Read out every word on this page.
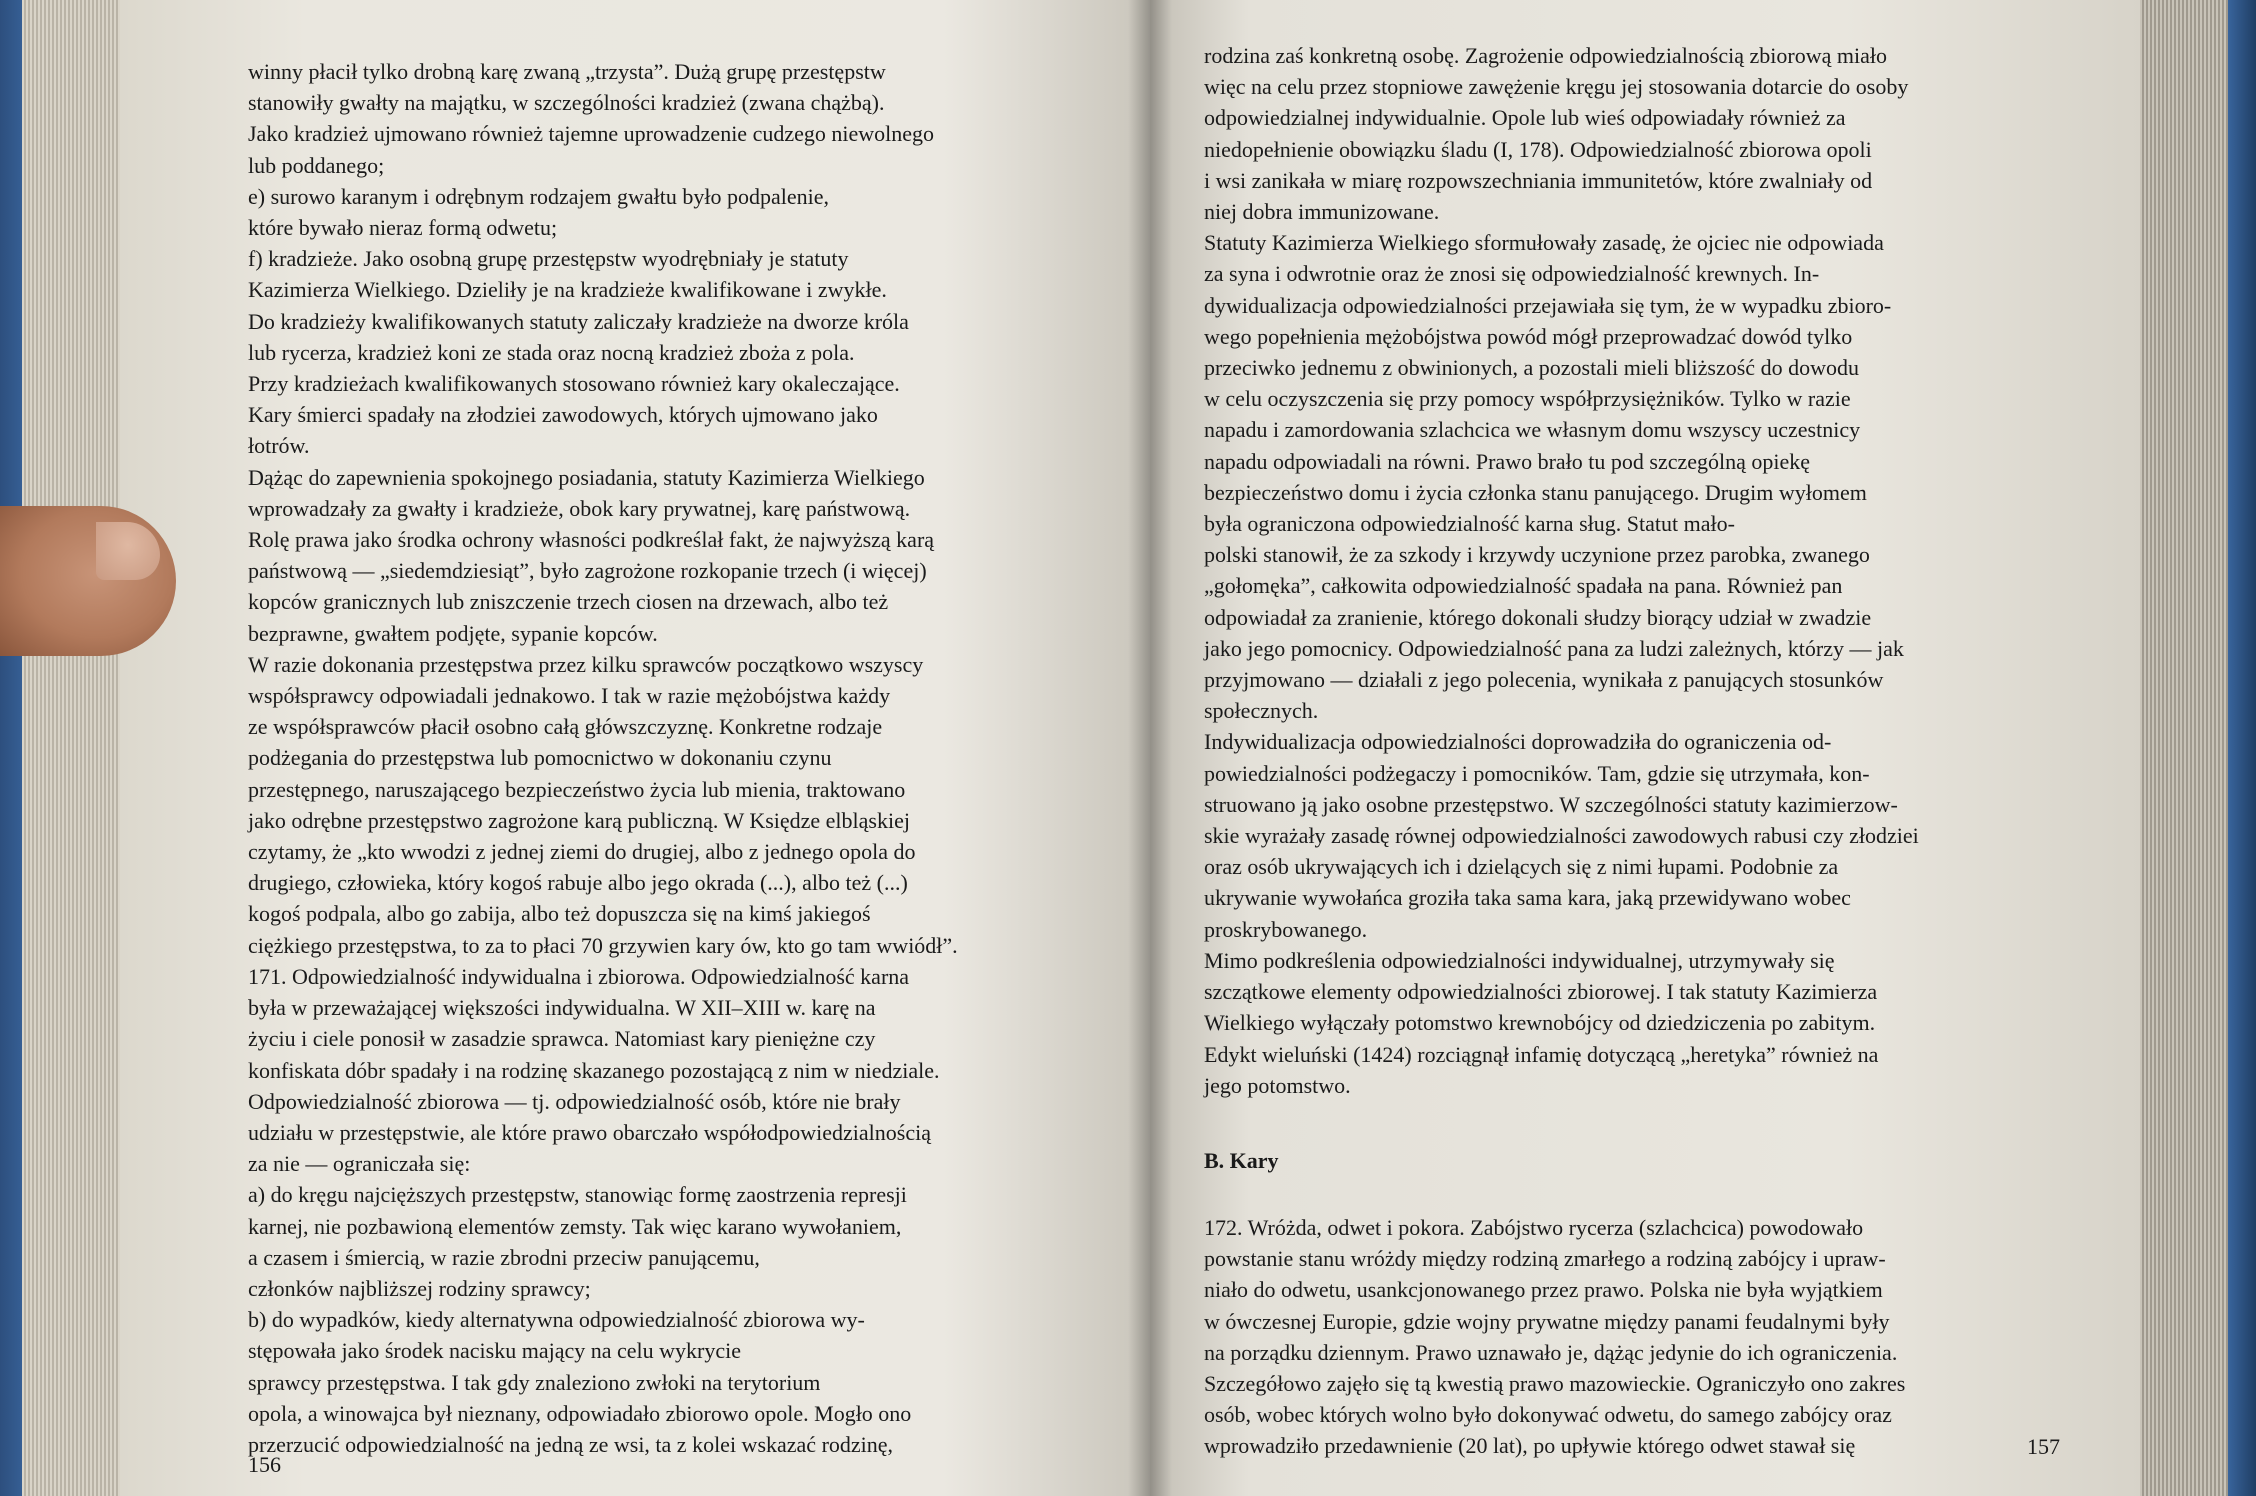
winny płacił tylko drobną karę zwaną „trzysta”. Dużą grupę przestępstw
stanowiły gwałty na majątku, w szczególności kradzież (zwana chążbą).
Jako kradzież ujmowano również tajemne uprowadzenie cudzego niewolnego
lub poddanego;

e) surowo karanym i odrębnym rodzajem gwałtu było podpalenie,
które bywało nieraz formą odwetu;

f) kradzieże. Jako osobną grupę przestępstw wyodrębniały je statuty
Kazimierza Wielkiego. Dzieliły je na kradzieże kwalifikowane i zwykłe.
Do kradzieży kwalifikowanych statuty zaliczały kradzieże na dworze króla
lub rycerza, kradzież koni ze stada oraz nocną kradzież zboża z pola.
Przy kradzieżach kwalifikowanych stosowano również kary okaleczające.
Kary śmierci spadały na złodziei zawodowych, których ujmowano jako
łotrów.

Dążąc do zapewnienia spokojnego posiadania, statuty Kazimierza Wielkiego
wprowadzały za gwałty i kradzieże, obok kary prywatnej, karę państwową.
Rolę prawa jako środka ochrony własności podkreślał fakt, że najwyższą karą
państwową — „siedemdziesiąt”, było zagrożone rozkopanie trzech (i więcej)
kopców granicznych lub zniszczenie trzech ciosen na drzewach, albo też
bezprawne, gwałtem podjęte, sypanie kopców.

W razie dokonania przestępstwa przez kilku sprawców początkowo wszyscy
współsprawcy odpowiadali jednakowo. I tak w razie mężobójstwa każdy
ze współsprawców płacił osobno całą główszczyznę. Konkretne rodzaje
podżegania do przestępstwa lub pomocnictwo w dokonaniu czynu
przestępnego, naruszającego bezpieczeństwo życia lub mienia, traktowano
jako odrębne przestępstwo zagrożone karą publiczną. W Księdze elbląskiej
czytamy, że „kto wwodzi z jednej ziemi do drugiej, albo z jednego opola do
drugiego, człowieka, który kogoś rabuje albo jego okrada (...), albo też (...)
kogoś podpala, albo go zabija, albo też dopuszcza się na kimś jakiegoś
ciężkiego przestępstwa, to za to płaci 70 grzywien kary ów, kto go tam wwiódł”.

171. Odpowiedzialność indywidualna i zbiorowa. Odpowiedzialność karna
była w przeważającej większości indywidualna. W XII–XIII w. karę na
życiu i ciele ponosił w zasadzie sprawca. Natomiast kary pieniężne czy
konfiskata dóbr spadały i na rodzinę skazanego pozostającą z nim w niedziale.
Odpowiedzialność zbiorowa — tj. odpowiedzialność osób, które nie brały
udziału w przestępstwie, ale które prawo obarczało współodpowiedzialnością
za nie — ograniczała się:

a) do kręgu najcięższych przestępstw, stanowiąc formę zaostrzenia represji
karnej, nie pozbawioną elementów zemsty. Tak więc karano wywołaniem,
a czasem i śmiercią, w razie zbrodni przeciw panującemu,
członków najbliższej rodziny sprawcy;

b) do wypadków, kiedy alternatywna odpowiedzialność zbiorowa wy-
stępowała jako środek nacisku mający na celu wykrycie
sprawcy przestępstwa. I tak gdy znaleziono zwłoki na terytorium
opola, a winowajca był nieznany, odpowiadało zbiorowo opole. Mogło ono
przerzucić odpowiedzialność na jedną ze wsi, ta z kolei wskazać rodzinę,

156

rodzina zaś konkretną osobę. Zagrożenie odpowiedzialnością zbiorową miało
więc na celu przez stopniowe zawężenie kręgu jej stosowania dotarcie do osoby
odpowiedzialnej indywidualnie. Opole lub wieś odpowiadały również za
niedopełnienie obowiązku śladu (I, 178). Odpowiedzialność zbiorowa opoli
i wsi zanikała w miarę rozpowszechniania immunitetów, które zwalniały od
niej dobra immunizowane.

Statuty Kazimierza Wielkiego sformułowały zasadę, że ojciec nie odpowiada
za syna i odwrotnie oraz że znosi się odpowiedzialność krewnych. In-
dywidualizacja odpowiedzialności przejawiała się tym, że w wypadku zbioro-
wego popełnienia mężobójstwa powód mógł przeprowadzać dowód tylko
przeciwko jednemu z obwinionych, a pozostali mieli bliższość do dowodu
w celu oczyszczenia się przy pomocy współprzysiężników. Tylko w razie
napadu i zamordowania szlachcica we własnym domu wszyscy uczestnicy
napadu odpowiadali na równi. Prawo brało tu pod szczególną opiekę
bezpieczeństwo domu i życia członka stanu panującego. Drugim wyłomem
była ograniczona odpowiedzialność karna sług. Statut mało-
polski stanowił, że za szkody i krzywdy uczynione przez parobka, zwanego
„gołomęka”, całkowita odpowiedzialność spadała na pana. Również pan
odpowiadał za zranienie, którego dokonali słudzy biorący udział w zwadzie
jako jego pomocnicy. Odpowiedzialność pana za ludzi zależnych, którzy — jak
przyjmowano — działali z jego polecenia, wynikała z panujących stosunków
społecznych.

Indywidualizacja odpowiedzialności doprowadziła do ograniczenia od-
powiedzialności podżegaczy i pomocników. Tam, gdzie się utrzymała, kon-
struowano ją jako osobne przestępstwo. W szczególności statuty kazimierzow-
skie wyrażały zasadę równej odpowiedzialności zawodowych rabusi czy złodziei
oraz osób ukrywających ich i dzielących się z nimi łupami. Podobnie za
ukrywanie wywołańca groziła taka sama kara, jaką przewidywano wobec
proskrybowanego.

Mimo podkreślenia odpowiedzialności indywidualnej, utrzymywały się
szczątkowe elementy odpowiedzialności zbiorowej. I tak statuty Kazimierza
Wielkiego wyłączały potomstwo krewnobójcy od dziedziczenia po zabitym.
Edykt wieluński (1424) rozciągnął infamię dotyczącą „heretyka” również na
jego potomstwo.

B. Kary

172. Wróżda, odwet i pokora. Zabójstwo rycerza (szlachcica) powodowało
powstanie stanu wróżdy między rodziną zmarłego a rodziną zabójcy i upraw-
niało do odwetu, usankcjonowanego przez prawo. Polska nie była wyjątkiem
w ówczesnej Europie, gdzie wojny prywatne między panami feudalnymi były
na porządku dziennym. Prawo uznawało je, dążąc jedynie do ich ograniczenia.
Szczegółowo zajęło się tą kwestią prawo mazowieckie. Ograniczyło ono zakres
osób, wobec których wolno było dokonywać odwetu, do samego zabójcy oraz
wprowadziło przedawnienie (20 lat), po upływie którego odwet stawał się	157
